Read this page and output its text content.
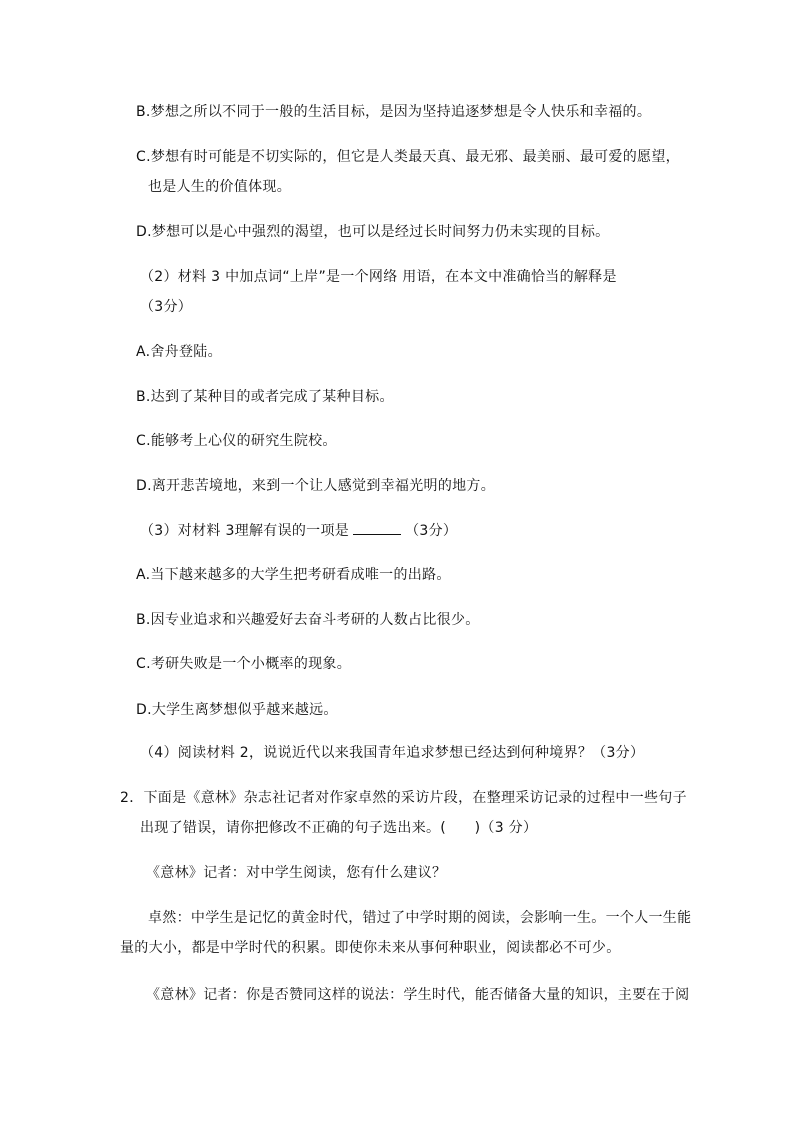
B.梦想之所以不同于一般的生活目标，是因为坚持追逐梦想是令人快乐和幸福的。
C.梦想有时可能是不切实际的，但它是人类最天真、最无邪、最美丽、最可爱的愿望，
也是人生的价值体现。
D.梦想可以是心中强烈的渴望，也可以是经过长时间努力仍未实现的目标。
（2）材料 3 中加点词“上岸”是一个网络 用语，在本文中准确恰当的解释是
（3分）
A.舍舟登陆。
B.达到了某种目的或者完成了某种目标。
C.能够考上心仪的研究生院校。
D.离开悲苦境地，来到一个让人感觉到幸福光明的地方。
（3）对材料 3理解有误的一项是	（3分）
A.当下越来越多的大学生把考研看成唯一的出路。
B.因专业追求和兴趣爱好去奋斗考研的人数占比很少。
C.考研失败是一个小概率的现象。
D.大学生离梦想似乎越来越远。
（4）阅读材料 2，说说近代以来我国青年追求梦想已经达到何种境界？（3分）
2．下面是《意林》杂志社记者对作家卓然的采访片段，在整理采访记录的过程中一些句子
出现了错误，请你把修改不正确的句子选出来。(　　)（3 分）
《意林》记者：对中学生阅读，您有什么建议？
卓然：中学生是记忆的黄金时代，错过了中学时期的阅读，会影响一生。一个人一生能
量的大小，都是中学时代的积累。即使你未来从事何种职业，阅读都必不可少。
《意林》记者：你是否赞同这样的说法：学生时代，能否储备大量的知识，主要在于阅
